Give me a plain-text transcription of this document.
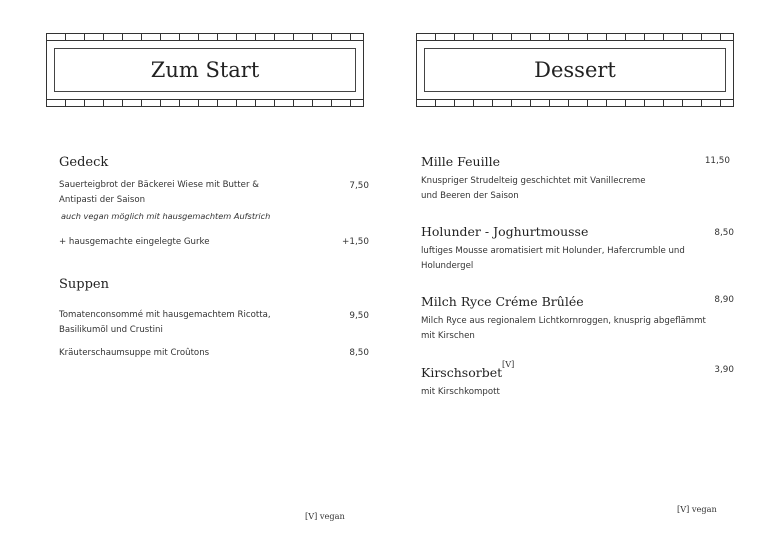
Zum Start	Dessert
Gedeck
Sauerteigbrot der Bäckerei Wiese mit Butter &
Antipasti der Saison
7,50
auch vegan möglich mit hausgemachtem Aufstrich
+ hausgemachte eingelegte Gurke	+1,50
Suppen
Tomatenconsommé mit hausgemachtem Ricotta,
Basilikumöl und Crustini
9,50
Kräuterschaumsuppe mit Croûtons	8,50
[V] vegan
Mille Feuille	11,50
Knuspriger Strudelteig geschichtet mit Vanillecreme
und Beeren der Saison
Holunder - Joghurtmousse	8,50
luftiges Mousse aromatisiert mit Holunder, Hafercrumble und
Holundergel
Milch Ryce Créme Brûlée	8,90
Milch Ryce aus regionalem Lichtkornroggen, knusprig abgeflämmt
mit Kirschen
Kirschsorbet
[V]
3,90
mit Kirschkompott
[V] vegan
